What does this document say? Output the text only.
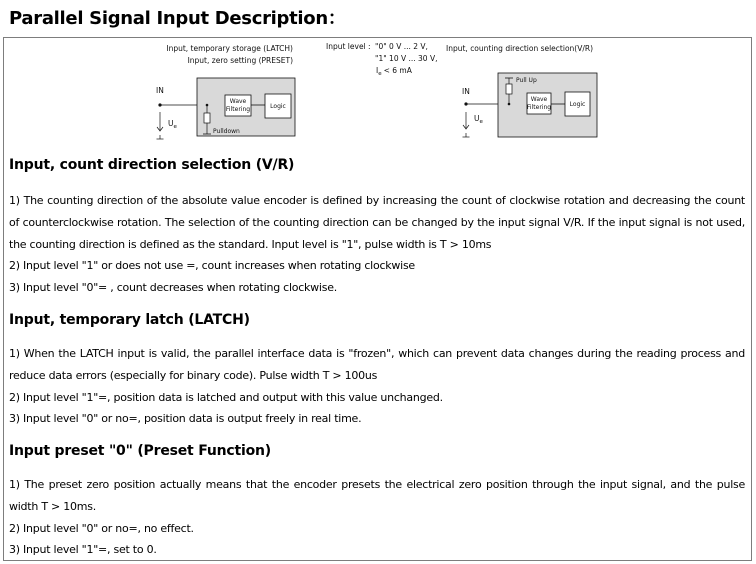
Parallel Signal Input Description：
Input, temporary storage (LATCH)
Input, zero setting (PRESET)
Input level : "0" 0 V ... 2 V,
"1" 10 V ... 30 V,
$I_e < 6$ mA
Input, counting direction selection(V/R)
IN
$U_e$
Wave
Filtering	Logic
Pulldown
IN
$U_e$
Pull Up
Wave
Filtering	Logic
Input, count direction selection (V/R)
1) The counting direction of the absolute value encoder is defined by increasing the count of clockwise rotation and decreasing the count of counterclockwise rotation. The selection of the counting direction can be changed by the input signal V/R. If the input signal is not used, the counting direction is defined as the standard. Input level is "1", pulse width is T > 10ms
2) Input level "1" or does not use =, count increases when rotating clockwise
3) Input level "0"= , count decreases when rotating clockwise.
Input, temporary latch (LATCH)
1) When the LATCH input is valid, the parallel interface data is "frozen", which can prevent data changes during the reading process and reduce data errors (especially for binary code). Pulse width T > 100us
2) Input level "1"=, position data is latched and output with this value unchanged.
3) Input level "0" or no=, position data is output freely in real time.
Input preset "0" (Preset Function)
1) The preset zero position actually means that the encoder presets the electrical zero position through the input signal, and the pulse width T > 10ms.
2) Input level "0" or no=, no effect.
3) Input level "1"=, set to 0.
